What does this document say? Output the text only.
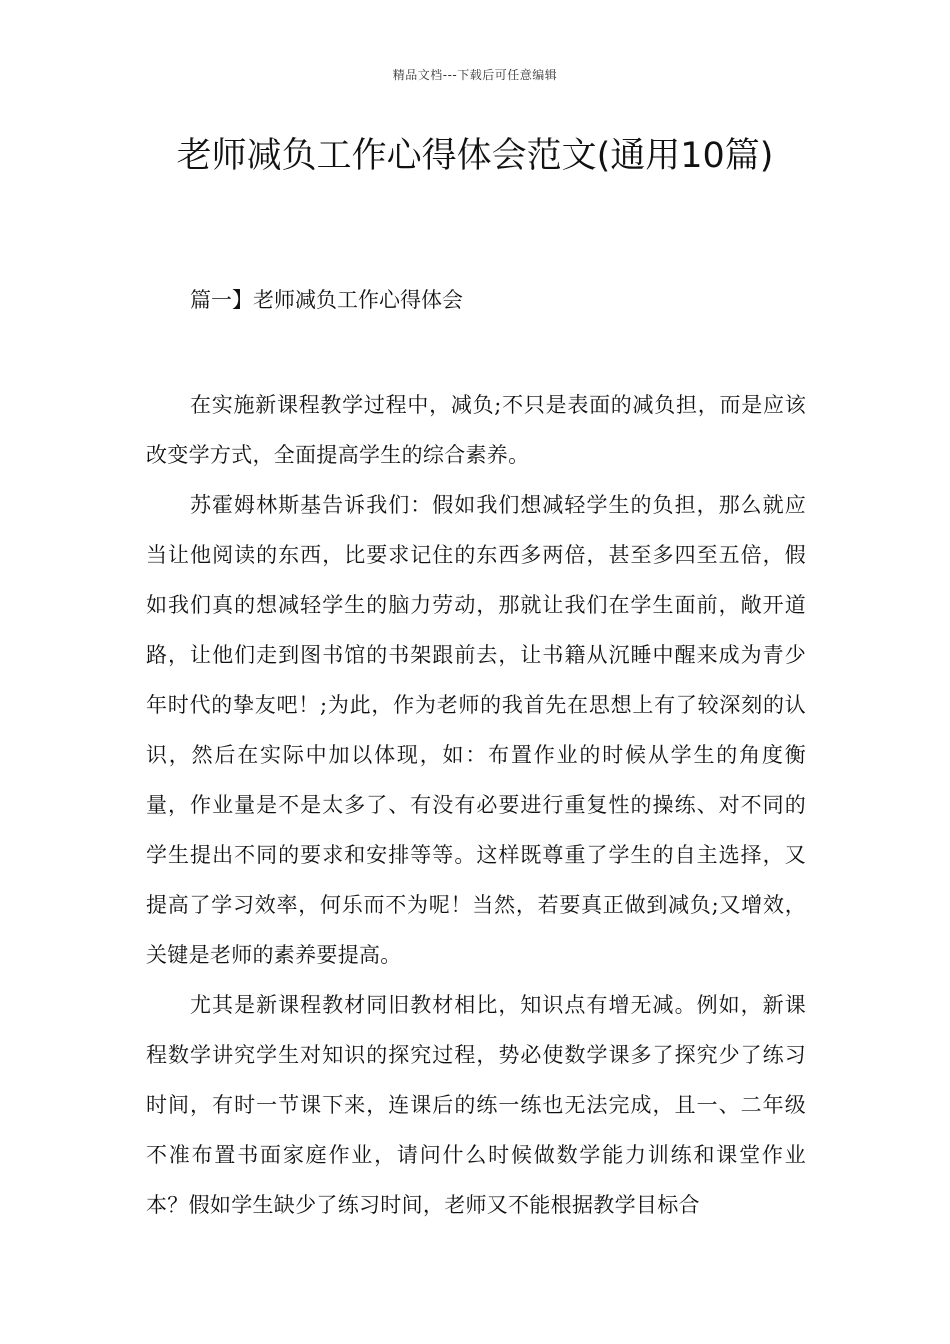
精品文档---下载后可任意编辑
老师减负工作心得体会范文(通用10篇)
篇一】老师减负工作心得体会

在实施新课程教学过程中，减负;不只是表面的减负担，而是应该改变学方式，全面提高学生的综合素养。

苏霍姆林斯基告诉我们：假如我们想减轻学生的负担，那么就应当让他阅读的东西，比要求记住的东西多两倍，甚至多四至五倍，假如我们真的想减轻学生的脑力劳动，那就让我们在学生面前，敞开道路，让他们走到图书馆的书架跟前去，让书籍从沉睡中醒来成为青少年时代的挚友吧！;为此，作为老师的我首先在思想上有了较深刻的认识，然后在实际中加以体现，如：布置作业的时候从学生的角度衡量，作业量是不是太多了、有没有必要进行重复性的操练、对不同的学生提出不同的要求和安排等等。这样既尊重了学生的自主选择，又提高了学习效率，何乐而不为呢！当然，若要真正做到减负;又增效，关键是老师的素养要提高。

尤其是新课程教材同旧教材相比，知识点有增无减。例如，新课程数学讲究学生对知识的探究过程，势必使数学课多了探究少了练习时间，有时一节课下来，连课后的练一练也无法完成，且一、二年级不准布置书面家庭作业，请问什么时候做数学能力训练和课堂作业本？假如学生缺少了练习时间，老师又不能根据教学目标合
